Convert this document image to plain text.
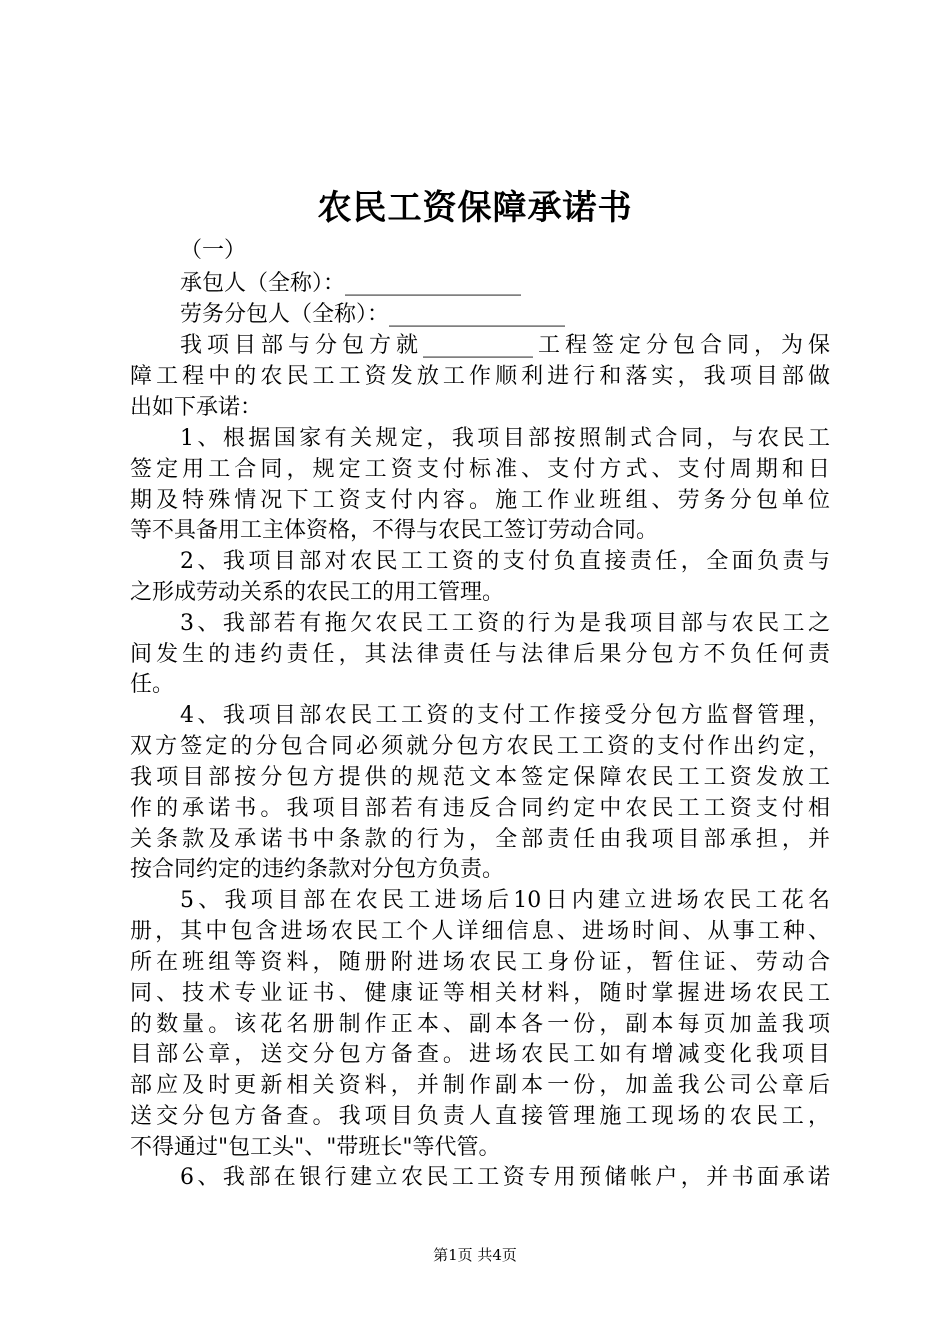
农民工资保障承诺书
（一）
承包人（全称）：________________
劳务分包人（全称）：________________
我项目部与分包方就__________工程签定分包合同，为保
障工程中的农民工工资发放工作顺利进行和落实，我项目部做
出如下承诺：
1、根据国家有关规定，我项目部按照制式合同，与农民工
签定用工合同，规定工资支付标准、支付方式、支付周期和日
期及特殊情况下工资支付内容。施工作业班组、劳务分包单位
等不具备用工主体资格，不得与农民工签订劳动合同。
2、我项目部对农民工工资的支付负直接责任，全面负责与
之形成劳动关系的农民工的用工管理。
3、我部若有拖欠农民工工资的行为是我项目部与农民工之
间发生的违约责任，其法律责任与法律后果分包方不负任何责
任。
4、我项目部农民工工资的支付工作接受分包方监督管理，
双方签定的分包合同必须就分包方农民工工资的支付作出约定，
我项目部按分包方提供的规范文本签定保障农民工工资发放工
作的承诺书。我项目部若有违反合同约定中农民工工资支付相
关条款及承诺书中条款的行为，全部责任由我项目部承担，并
按合同约定的违约条款对分包方负责。
5、我项目部在农民工进场后10日内建立进场农民工花名
册，其中包含进场农民工个人详细信息、进场时间、从事工种、
所在班组等资料，随册附进场农民工身份证，暂住证、劳动合
同、技术专业证书、健康证等相关材料，随时掌握进场农民工
的数量。该花名册制作正本、副本各一份，副本每页加盖我项
目部公章，送交分包方备查。进场农民工如有增减变化我项目
部应及时更新相关资料，并制作副本一份，加盖我公司公章后
送交分包方备查。我项目负责人直接管理施工现场的农民工，
不得通过"包工头"、"带班长"等代管。
6、我部在银行建立农民工工资专用预储帐户，并书面承诺
第1页 共4页
